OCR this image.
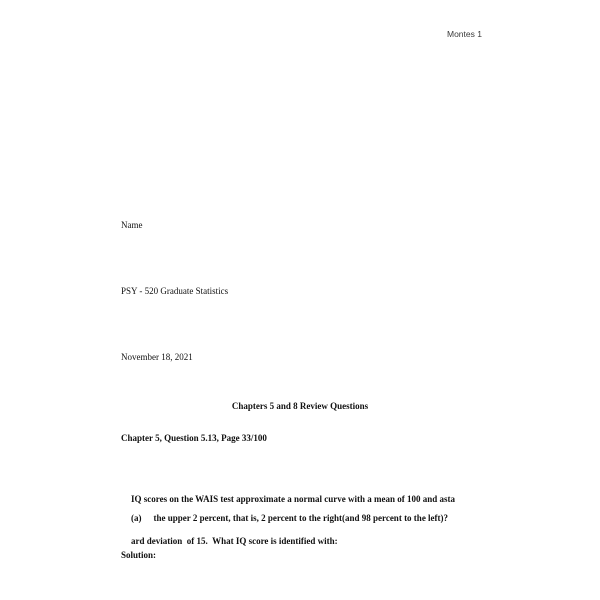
Montes 1

Name

PSY - 520 Graduate Statistics

November 18, 2021

Chapters 5 and 8 Review Questions
Chapter 5, Question 5.13, Page 33/100

IQ scores on the WAIS test approximate a normal curve with a mean of 100 and asta

ard deviation  of 15.  What IQ score is identified with:

(a) the upper 2 percent, that is, 2 percent to the right(and 98 percent to the left)?

Solution:
